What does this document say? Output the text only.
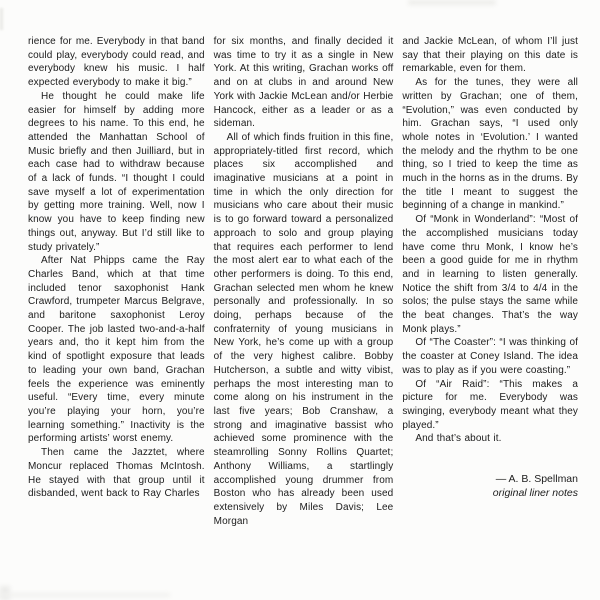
rience for me. Everybody in that band could play, everybody could read, and everybody knew his music. I half expected everybody to make it big.”

He thought he could make life easier for himself by adding more degrees to his name. To this end, he attended the Manhattan School of Music briefly and then Juilliard, but in each case had to withdraw because of a lack of funds. “I thought I could save myself a lot of experimentation by getting more training. Well, now I know you have to keep finding new things out, anyway. But I’d still like to study privately.”

After Nat Phipps came the Ray Charles Band, which at that time included tenor saxophonist Hank Crawford, trumpeter Marcus Belgrave, and baritone saxophonist Leroy Cooper. The job lasted two-and-a-half years and, tho it kept him from the kind of spotlight exposure that leads to leading your own band, Grachan feels the experience was eminently useful. “Every time, every minute you’re playing your horn, you’re learning something.” Inactivity is the performing artists’ worst enemy.

Then came the Jazztet, where Moncur replaced Thomas McIntosh. He stayed with that group until it disbanded, went back to Ray Charles

for six months, and finally decided it was time to try it as a single in New York. At this writing, Grachan works off and on at clubs in and around New York with Jackie McLean and/or Herbie Hancock, either as a leader or as a sideman.

All of which finds fruition in this fine, appropriately-titled first record, which places six accomplished and imaginative musicians at a point in time in which the only direction for musicians who care about their music is to go forward toward a personalized approach to solo and group playing that requires each performer to lend the most alert ear to what each of the other performers is doing. To this end, Grachan selected men whom he knew personally and professionally. In so doing, perhaps because of the confraternity of young musicians in New York, he’s come up with a group of the very highest calibre. Bobby Hutcherson, a subtle and witty vibist, perhaps the most interesting man to come along on his instrument in the last five years; Bob Cranshaw, a strong and imaginative bassist who achieved some prominence with the steamrolling Sonny Rollins Quartet; Anthony Williams, a startlingly accomplished young drummer from Boston who has already been used extensively by Miles Davis; Lee Morgan

and Jackie McLean, of whom I’ll just say that their playing on this date is remarkable, even for them.

As for the tunes, they were all written by Grachan; one of them, “Evolution,” was even conducted by him. Grachan says, “I used only whole notes in ‘Evolution.’ I wanted the melody and the rhythm to be one thing, so I tried to keep the time as much in the horns as in the drums. By the title I meant to suggest the beginning of a change in mankind.”

Of “Monk in Wonderland”: “Most of the accomplished musicians today have come thru Monk, I know he’s been a good guide for me in rhythm and in learning to listen generally. Notice the shift from 3/4 to 4/4 in the solos; the pulse stays the same while the beat changes. That’s the way Monk plays.”

Of “The Coaster”: “I was thinking of the coaster at Coney Island. The idea was to play as if you were coasting.”

Of “Air Raid”: “This makes a picture for me. Everybody was swinging, everybody meant what they played.”

And that’s about it.

— A. B. Spellman
original liner notes
